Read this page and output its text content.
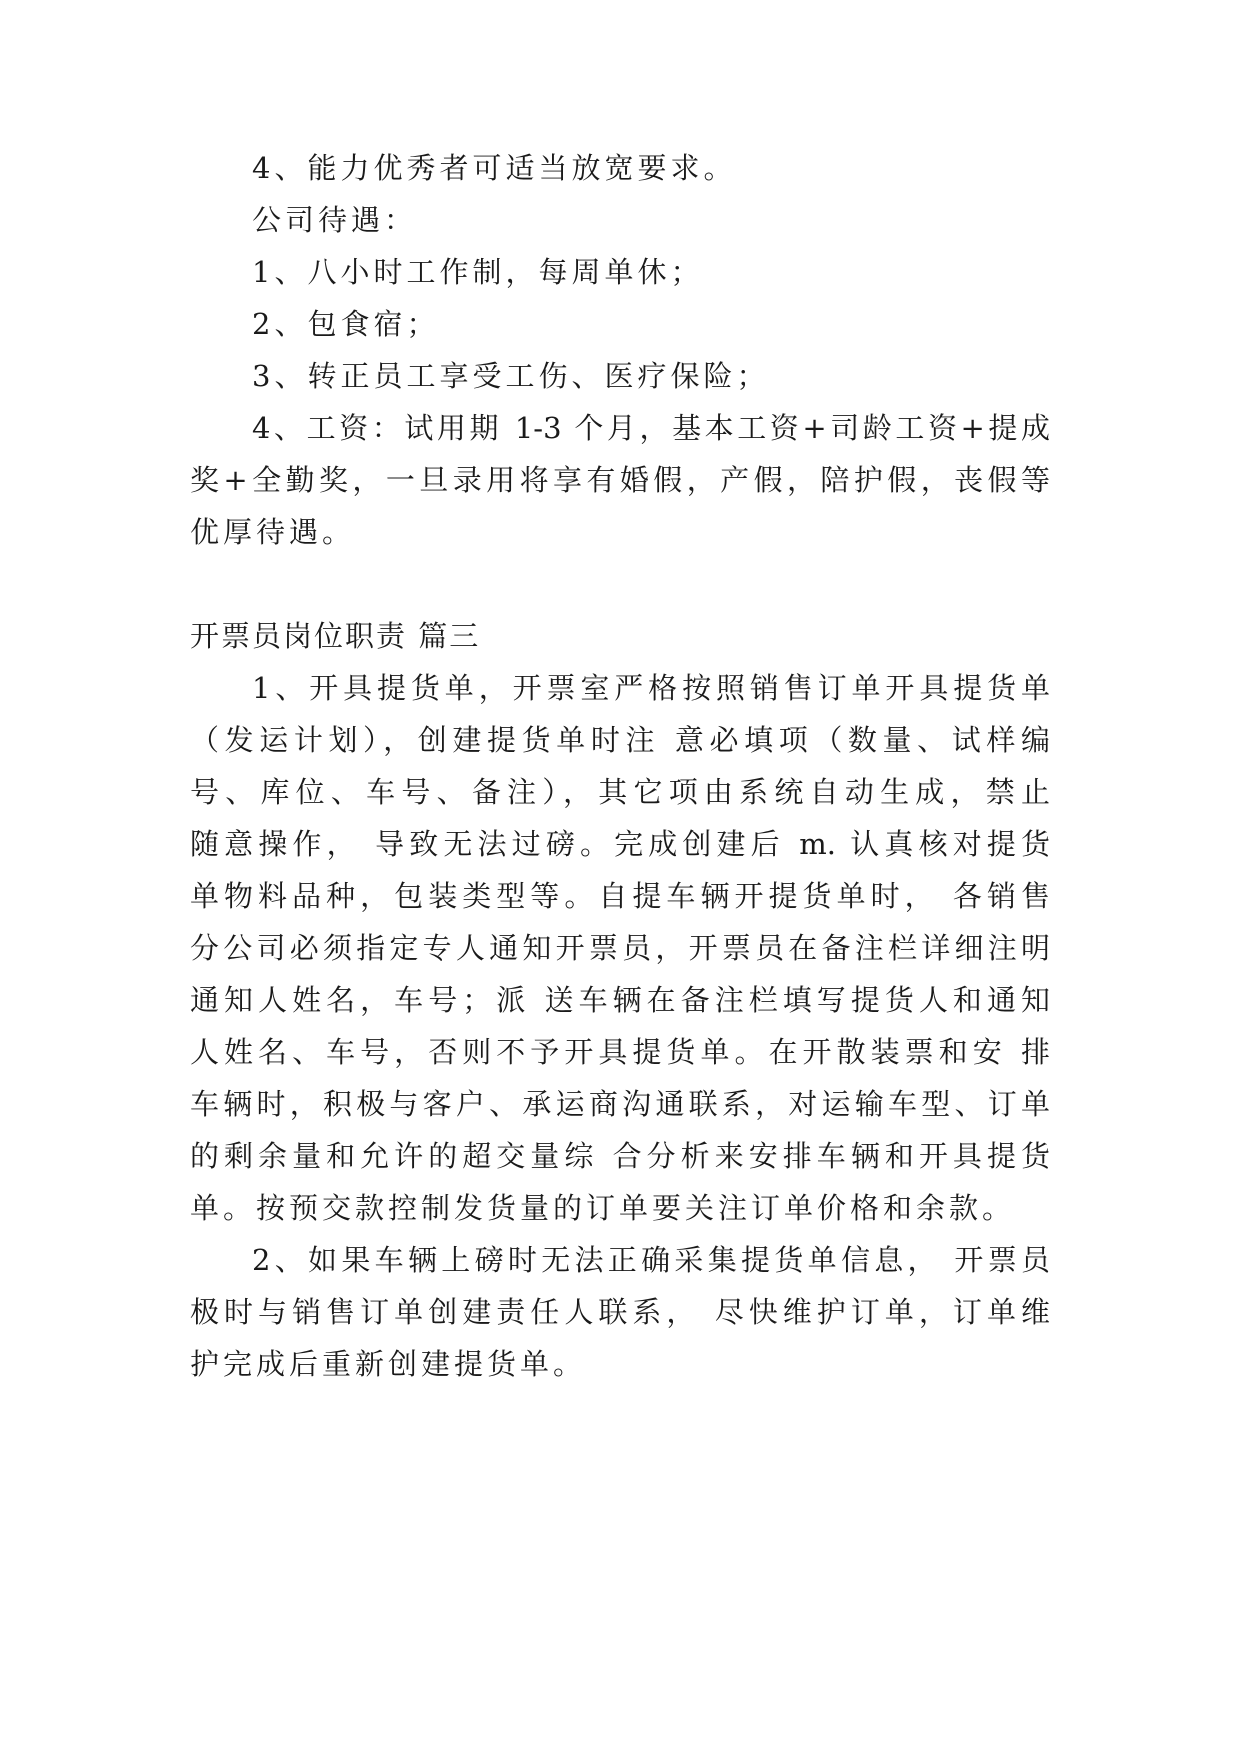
4、能力优秀者可适当放宽要求。
公司待遇：
1、八小时工作制，每周单休；
2、包食宿；
3、转正员工享受工伤、医疗保险；
4、工资：试用期 1-3 个月，基本工资+司龄工资+提成
奖+全勤奖，一旦录用将享有婚假，产假，陪护假，丧假等
优厚待遇。
开票员岗位职责 篇三
1、开具提货单，开票室严格按照销售订单开具提货单
（发运计划），创建提货单时注 意必填项（数量、试样编
号、库位、车号、备注），其它项由系统自动生成，禁止
随意操作， 导致无法过磅。完成创建后 m. 认真核对提货
单物料品种，包装类型等。自提车辆开提货单时， 各销售
分公司必须指定专人通知开票员，开票员在备注栏详细注明
通知人姓名，车号；派 送车辆在备注栏填写提货人和通知
人姓名、车号，否则不予开具提货单。在开散装票和安 排
车辆时，积极与客户、承运商沟通联系，对运输车型、订单
的剩余量和允许的超交量综 合分析来安排车辆和开具提货
单。按预交款控制发货量的订单要关注订单价格和余款。
2、如果车辆上磅时无法正确采集提货单信息， 开票员
极时与销售订单创建责任人联系， 尽快维护订单，订单维
护完成后重新创建提货单。
